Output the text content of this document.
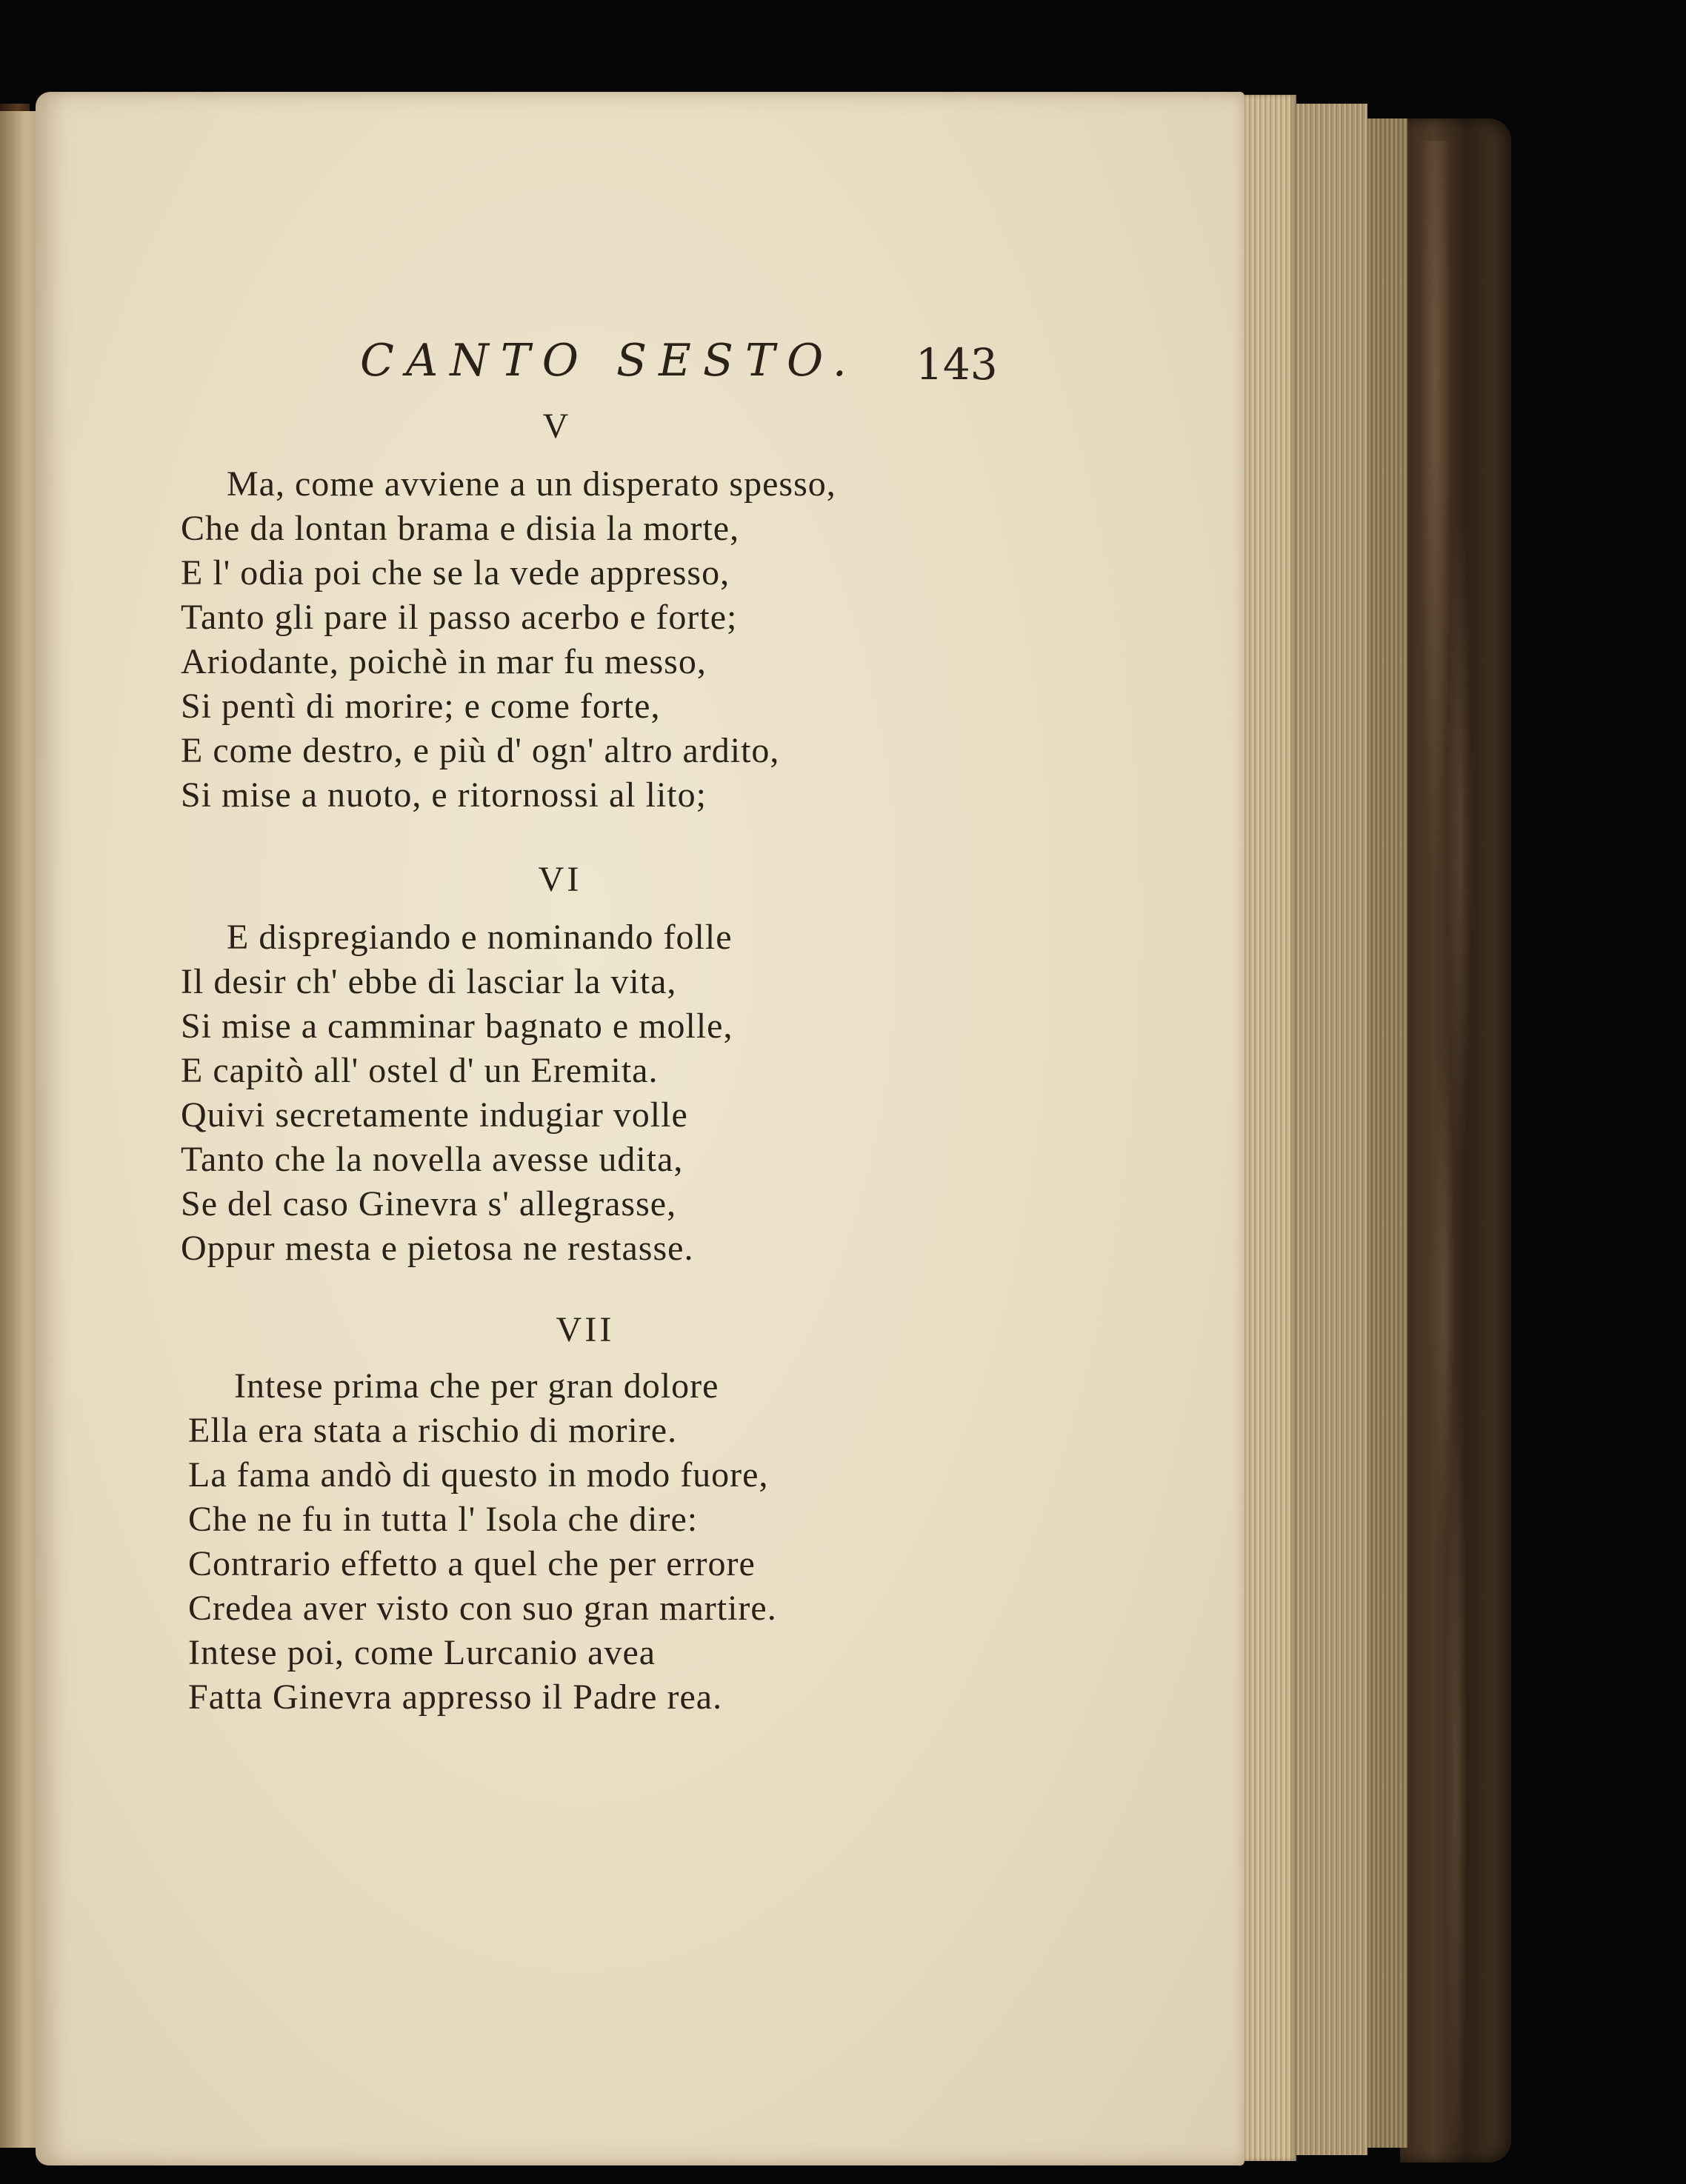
CANTO SESTO. 143
V
Ma, come avviene a un disperato spesso,
Che da lontan brama e disia la morte,
E l' odia poi che se la vede appresso,
Tanto gli pare il passo acerbo e forte;
Ariodante, poichè in mar fu messo,
Si pentì di morire; e come forte,
E come destro, e più d' ogn' altro ardito,
Si mise a nuoto, e ritornossi al lito;
VI
E dispregiando e nominando folle
Il desir ch' ebbe di lasciar la vita,
Si mise a camminar bagnato e molle,
E capitò all' ostel d' un Eremita.
Quivi secretamente indugiar volle
Tanto che la novella avesse udita,
Se del caso Ginevra s' allegrasse,
Oppur mesta e pietosa ne restasse.
VII
Intese prima che per gran dolore
Ella era stata a rischio di morire.
La fama andò di questo in modo fuore,
Che ne fu in tutta l' Isola che dire:
Contrario effetto a quel che per errore
Credea aver visto con suo gran martire.
Intese poi, come Lurcanio avea
Fatta Ginevra appresso il Padre rea.
